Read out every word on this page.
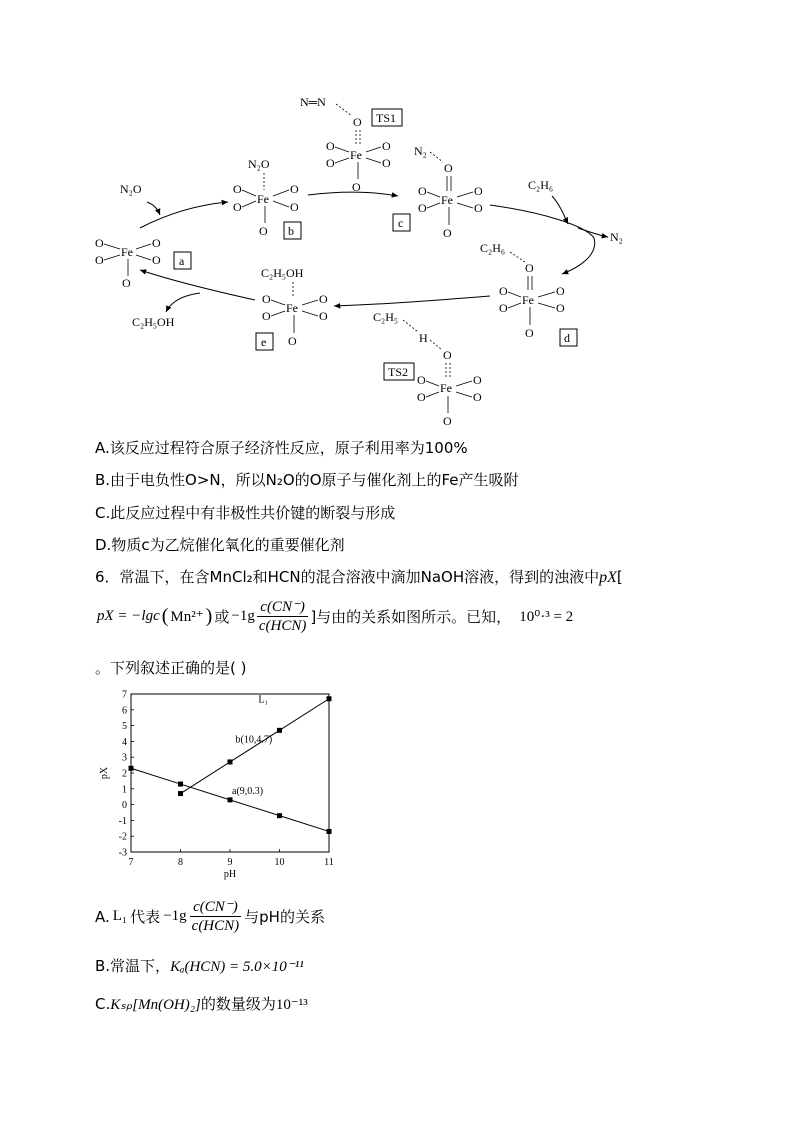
O
O
Fe
O
O
O
a
N₂O
N₂O
O
O
Fe
O
O
O b
N═N
O TS1
O
O
Fe
O
O
O
N₂
O
O
O
Fe
O
O
O
c
C₂H₆
N₂
C₂H₆
O
O
O
Fe
O
O
O	d
C₂H₅
H
O
TS2
O
O
Fe
O
O
O
C₂H₅OH
O
O
Fe
O
O
O
e
C₂H₅OH
A.该反应过程符合原子经济性反应，原子利用率为100%
B.由于电负性O>N，所以N₂O的O原子与催化剂上的Fe产生吸附
C.此反应过程中有非极性共价键的断裂与形成
D.物质c为乙烷催化氧化的重要催化剂
6．常温下，在含MnCl₂和HCN的混合溶液中滴加NaOH溶液，得到的浊液中pX[
pX = −lgc ( Mn²⁺ ) 或 $-1g \frac{c(CN^-)}{\text{c(HCN)}}$ ]与由的关系如图所示。已知， 10⁰·³ = 2
。下列叙述正确的是( )
7	8	9	10	11
-3
-2
-1
0
1
2
3
4
5
6
7
pH
pX
b(10,4.7)
a(9,0.3)
L₁
A. L₁ 代表 $-1g \frac{c(CN^-)}{\text{c(HCN)}}$ 与pH的关系
B.常温下，Kₐ(HCN) = 5.0×10⁻¹¹
C.Kₛₚ[Mn(OH)₂]的数量级为10⁻¹³
